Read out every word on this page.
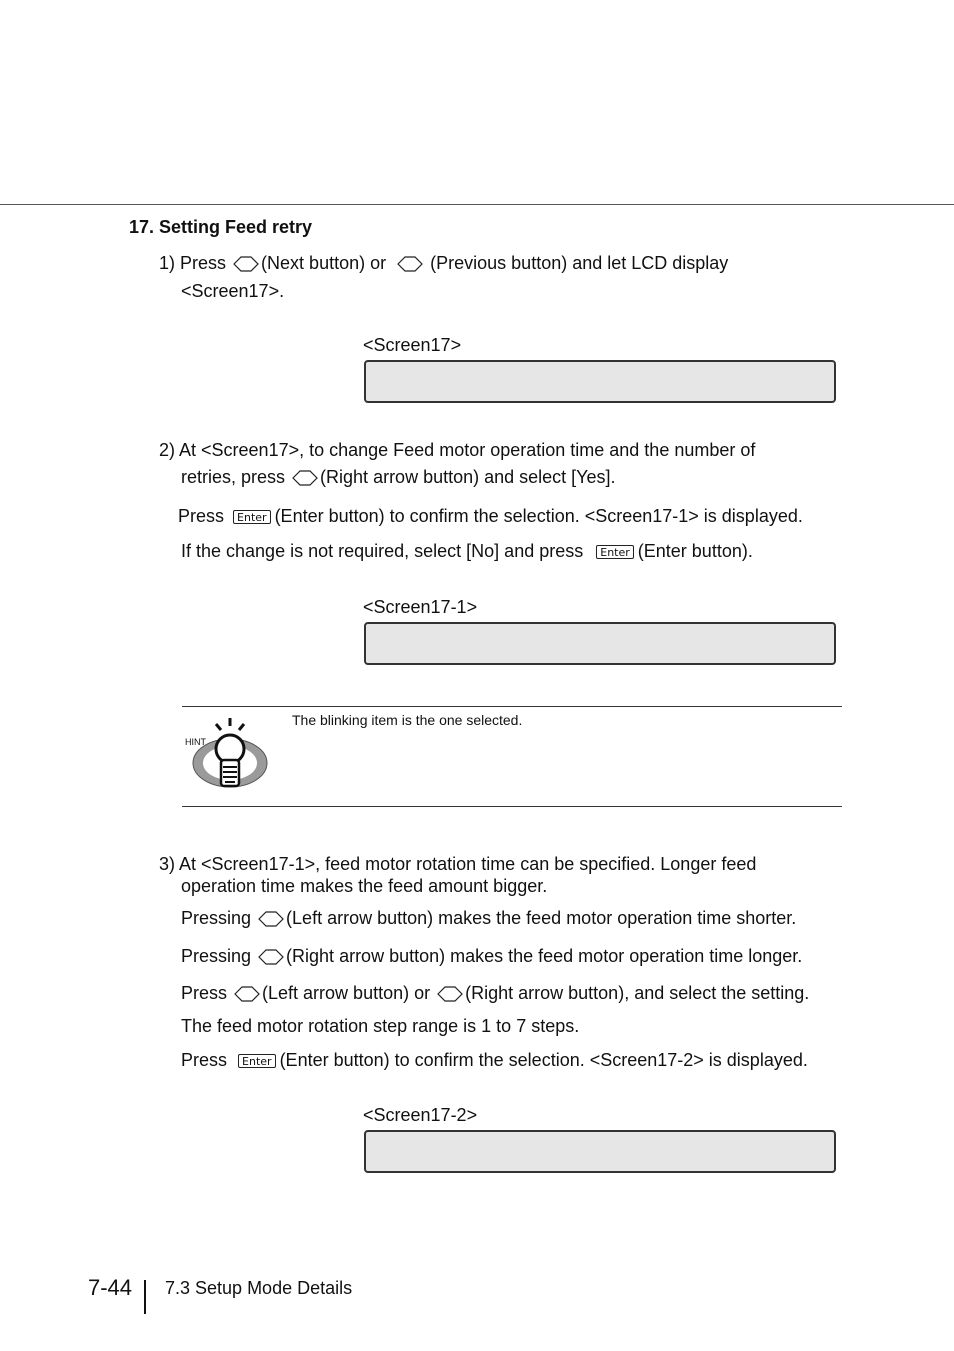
17. Setting Feed retry
1) Press (Next button) or (Previous button) and let LCD display
<Screen17>.
<Screen17>
2) At <Screen17>, to change Feed motor operation time and the number of
retries, press (Right arrow button) and select [Yes].
Press Enter (Enter button) to confirm the selection. <Screen17-1> is displayed.
If the change is not required, select [No] and press Enter (Enter button).
<Screen17-1>
HINT
The blinking item is the one selected.
3) At <Screen17-1>, feed motor rotation time can be specified. Longer feed
operation time makes the feed amount bigger.
Pressing (Left arrow button) makes the feed motor operation time shorter.
Pressing (Right arrow button) makes the feed motor operation time longer.
Press (Left arrow button) or (Right arrow button), and select the setting.
The feed motor rotation step range is 1 to 7 steps.
Press Enter (Enter button) to confirm the selection. <Screen17-2> is displayed.
<Screen17-2>
7-44 7.3 Setup Mode Details
